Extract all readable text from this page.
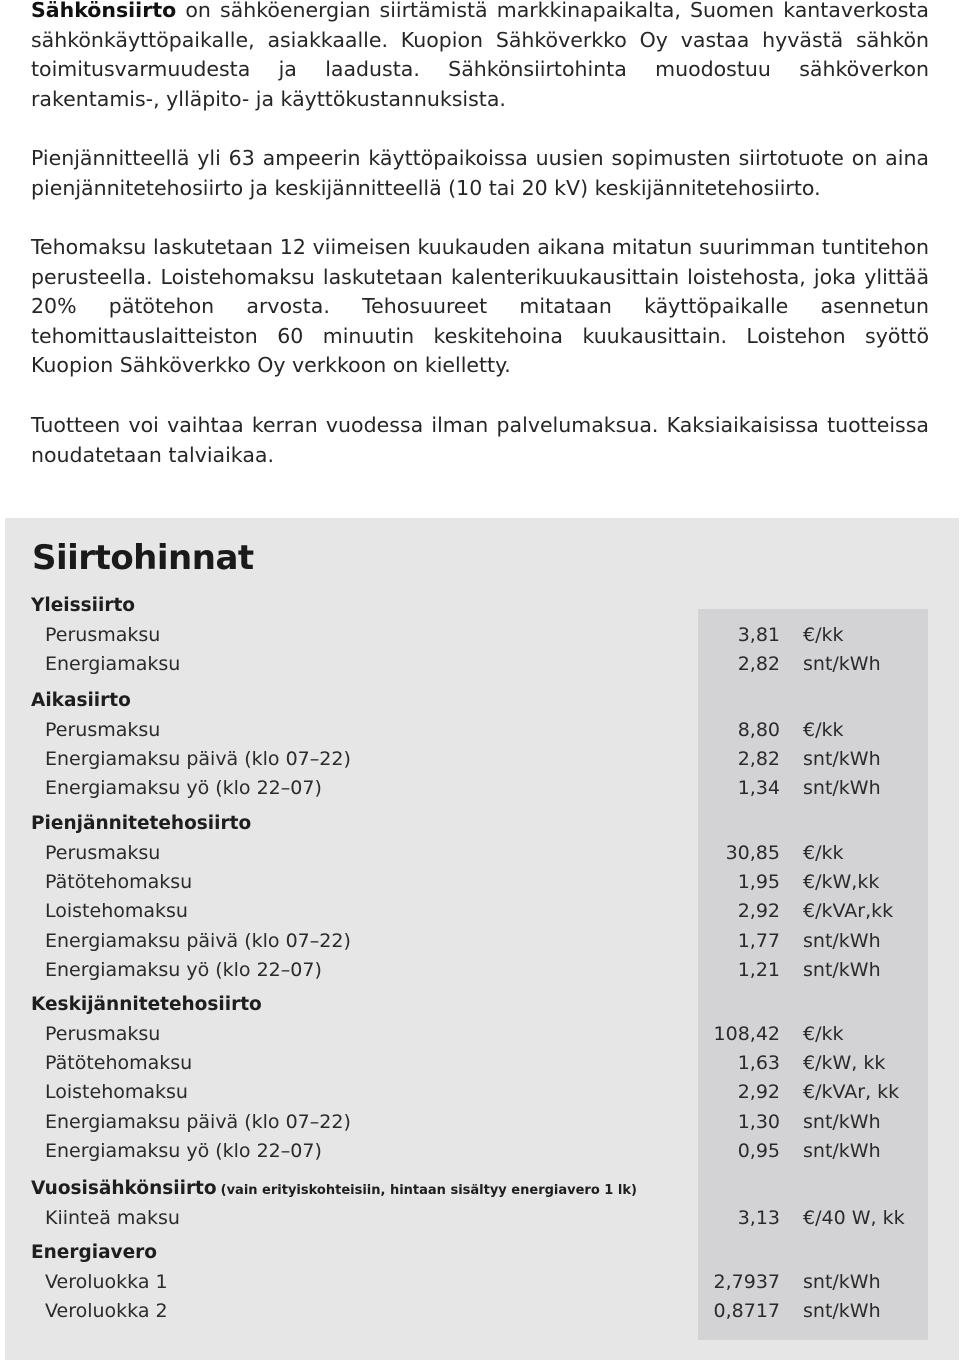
Sähkönsiirto on sähköenergian siirtämistä markkinapaikalta, Suomen kantaverkosta sähkönkäyttöpaikalle, asiakkaalle. Kuopion Sähköverkko Oy vastaa hyvästä sähkön toimitusvarmuudesta ja laadusta. Sähkönsiirtohinta muodostuu sähköverkon rakentamis-, ylläpito- ja käyttökustannuksista.

Pienjännitteellä yli 63 ampeerin käyttöpaikoissa uusien sopimusten siirtotuote on aina pienjännitetehosiirto ja keskijännitteellä (10 tai 20 kV) keskijännitetehosiirto.

Tehomaksu laskutetaan 12 viimeisen kuukauden aikana mitatun suurimman tuntitehon perusteella. Loistehomaksu laskutetaan kalenterikuukausittain loistehosta, joka ylittää 20% pätötehon arvosta. Tehosuureet mitataan käyttöpaikalle asennetun tehomittauslaitteiston 60 minuutin keskitehoina kuukausittain. Loistehon syöttö Kuopion Sähköverkko Oy verkkoon on kielletty.

Tuotteen voi vaihtaa kerran vuodessa ilman palvelumaksua. Kaksiaikaisissa tuotteissa noudatetaan talviaikaa.

Siirtohinnat
Yleissiirto
Perusmaksu	3,81 €/kk
Energiamaksu	2,82 snt/kWh
Aikasiirto
Perusmaksu	8,80 €/kk
Energiamaksu päivä (klo 07–22)	2,82 snt/kWh
Energiamaksu yö (klo 22–07)	1,34 snt/kWh
Pienjännitetehosiirto
Perusmaksu	30,85 €/kk
Pätötehomaksu	1,95 €/kW,kk
Loistehomaksu	2,92 €/kVAr,kk
Energiamaksu päivä (klo 07–22)	1,77 snt/kWh
Energiamaksu yö (klo 22–07)	1,21 snt/kWh
Keskijännitetehosiirto
Perusmaksu	108,42 €/kk
Pätötehomaksu	1,63 €/kW, kk
Loistehomaksu	2,92 €/kVAr, kk
Energiamaksu päivä (klo 07–22)	1,30 snt/kWh
Energiamaksu yö (klo 22–07)	0,95 snt/kWh
Vuosisähkönsiirto (vain erityiskohteisiin, hintaan sisältyy energiavero 1 lk)
Kiinteä maksu	3,13 €/40 W, kk
Energiavero
Veroluokka 1	2,7937 snt/kWh
Veroluokka 2	0,8717 snt/kWh
